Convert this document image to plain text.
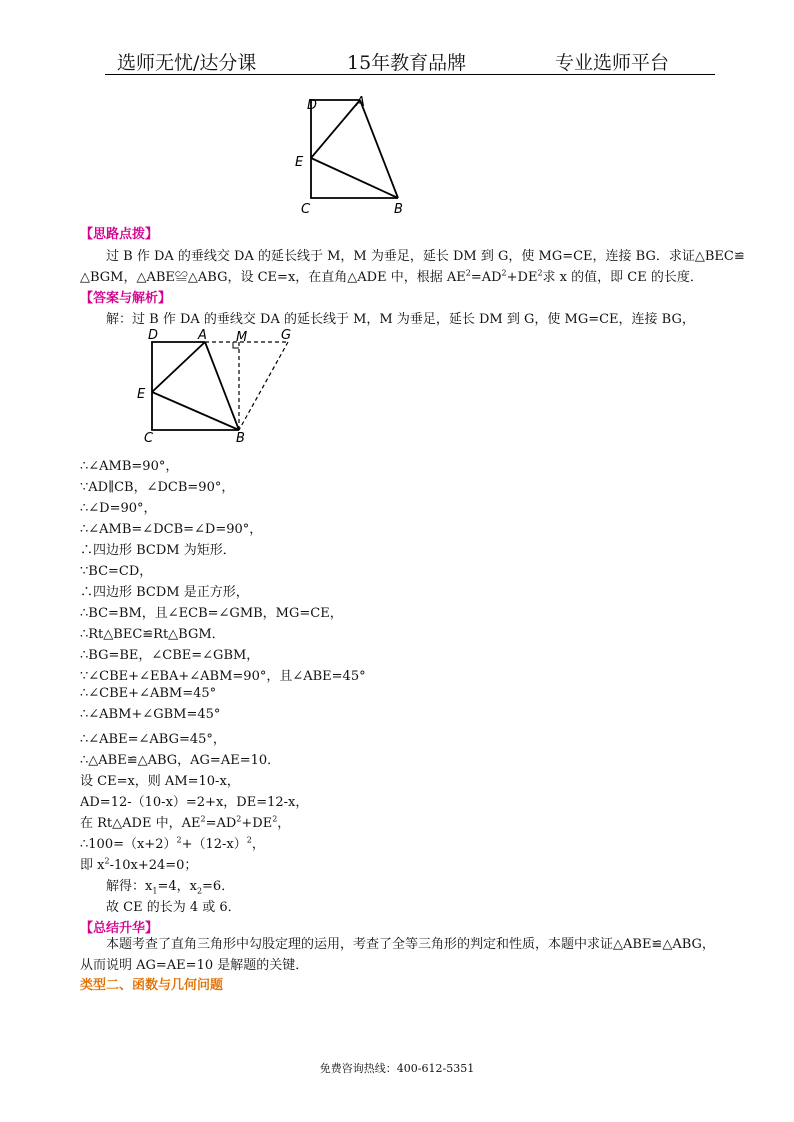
选师无忧/达分课	15年教育品牌	专业选师平台
D	A
E
C	B
【思路点拨】
过 B 作 DA 的垂线交 DA 的延长线于 M，M 为垂足，延长 DM 到 G，使 MG=CE，连接 BG．求证△BEC≌
△BGM，△ABE≌△ABG，设 CE=x，在直角△ADE 中，根据 $AE^2=AD^2+DE^2$求 x 的值，即 CE 的长度．
【答案与解析】
解：过 B 作 DA 的垂线交 DA 的延长线于 M，M 为垂足，延长 DM 到 G，使 MG=CE，连接 BG，
D	A M	G
E
C	B
∴∠AMB=90°，
∵AD∥CB，∠DCB=90°，
∴∠D=90°，
∴∠AMB=∠DCB=∠D=90°，
∴四边形 BCDM 为矩形．
∵BC=CD，
∴四边形 BCDM 是正方形，
∴BC=BM，且∠ECB=∠GMB，MG=CE，
∴Rt△BEC≌Rt△BGM．
∴BG=BE，∠CBE=∠GBM，
∵∠CBE+∠EBA+∠ABM=90°，且∠ABE=45°
∴∠CBE+∠ABM=45°
∴∠ABM+∠GBM=45°
∴∠ABE=∠ABG=45°，
∴△ABE≌△ABG，AG=AE=10．
设 CE=x，则 AM=10-x，
AD=12-（10-x）=2+x，DE=12-x，
在 Rt△ADE 中，$AE^2=AD^2+DE^2$，
$\therefore 100=(x+2)^2+(12-x)^2$，
即 $x^2-10x+24=0$；
解得：$x_1=4$，$x_2=6$．
故 CE 的长为 4 或 6．
【总结升华】
本题考查了直角三角形中勾股定理的运用，考查了全等三角形的判定和性质，本题中求证△ABE≌△ABG，从而说明 AG=AE=10 是解题的关键．
类型二、函数与几何问题
免费咨询热线：400-612-5351
